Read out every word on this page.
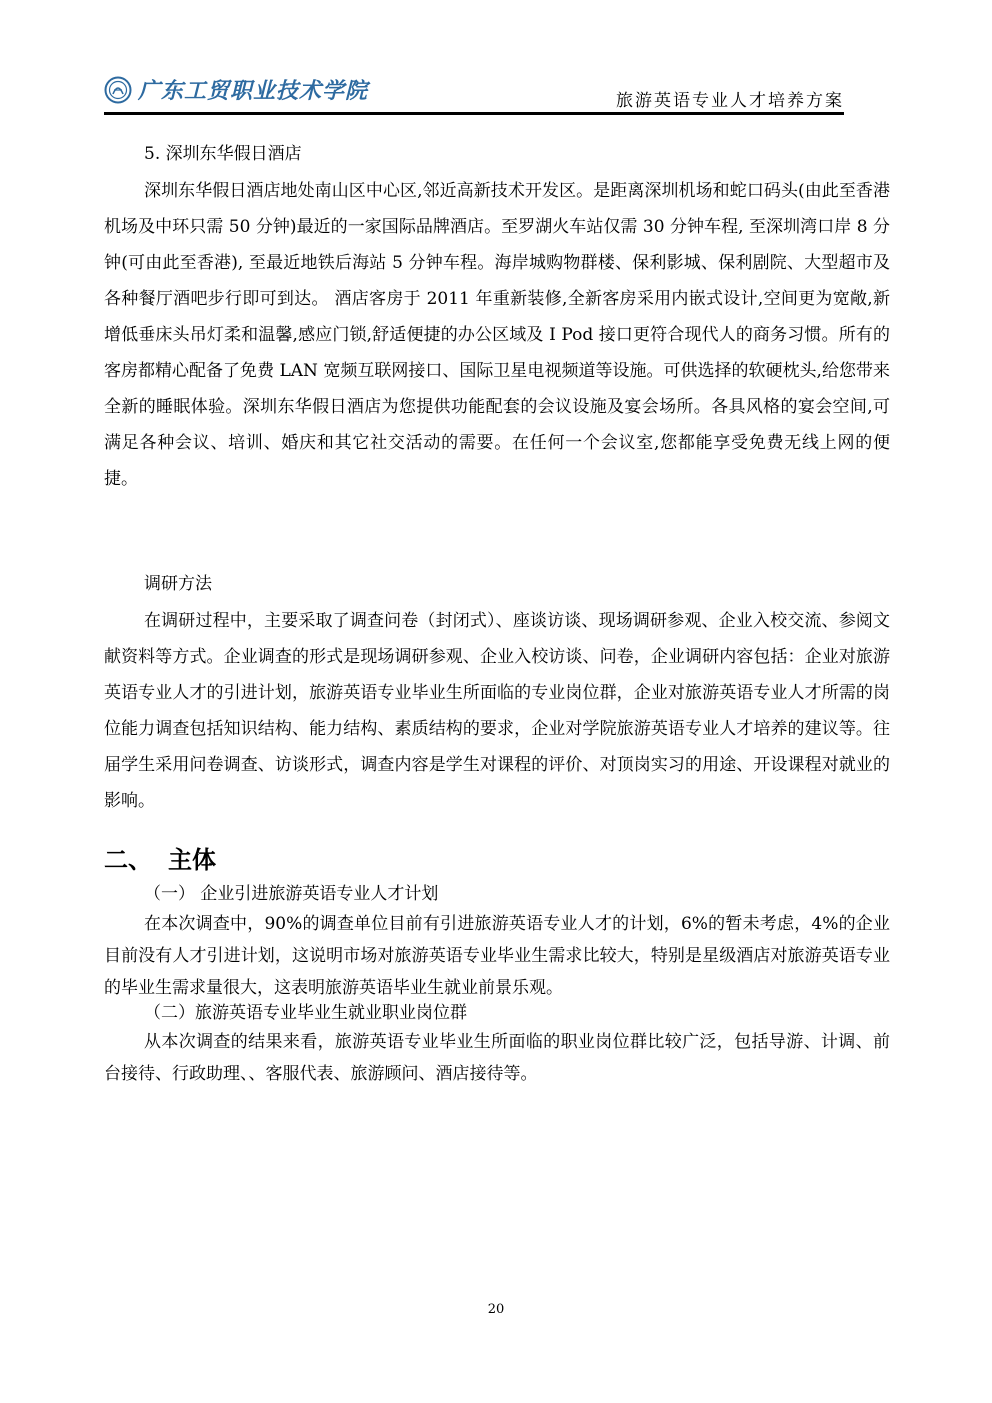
广东工贸职业技术学院	旅游英语专业人才培养方案
5. 深圳东华假日酒店
深圳东华假日酒店地处南山区中心区,邻近高新技术开发区。是距离深圳机场和蛇口码头(由此至香港机场及中环只需 50 分钟)最近的一家国际品牌酒店。至罗湖火车站仅需 30 分钟车程, 至深圳湾口岸 8 分钟(可由此至香港), 至最近地铁后海站 5 分钟车程。海岸城购物群楼、保利影城、保利剧院、大型超市及各种餐厅酒吧步行即可到达。 酒店客房于 2011 年重新装修,全新客房采用内嵌式设计,空间更为宽敞,新增低垂床头吊灯柔和温馨,感应门锁,舒适便捷的办公区域及 I Pod 接口更符合现代人的商务习惯。所有的客房都精心配备了免费 LAN 宽频互联网接口、国际卫星电视频道等设施。可供选择的软硬枕头,给您带来全新的睡眠体验。深圳东华假日酒店为您提供功能配套的会议设施及宴会场所。各具风格的宴会空间,可满足各种会议、培训、婚庆和其它社交活动的需要。在任何一个会议室,您都能享受免费无线上网的便捷。
调研方法
在调研过程中，主要采取了调查问卷（封闭式）、座谈访谈、现场调研参观、企业入校交流、参阅文献资料等方式。企业调查的形式是现场调研参观、企业入校访谈、问卷，企业调研内容包括：企业对旅游英语专业人才的引进计划，旅游英语专业毕业生所面临的专业岗位群，企业对旅游英语专业人才所需的岗位能力调查包括知识结构、能力结构、素质结构的要求，企业对学院旅游英语专业人才培养的建议等。往届学生采用问卷调查、访谈形式，调查内容是学生对课程的评价、对顶岗实习的用途、开设课程对就业的影响。
二、 主体
（一） 企业引进旅游英语专业人才计划
在本次调查中，90%的调查单位目前有引进旅游英语专业人才的计划，6%的暂未考虑，4%的企业目前没有人才引进计划，这说明市场对旅游英语专业毕业生需求比较大，特别是星级酒店对旅游英语专业的毕业生需求量很大，这表明旅游英语毕业生就业前景乐观。
（二）旅游英语专业毕业生就业职业岗位群
从本次调查的结果来看，旅游英语专业毕业生所面临的职业岗位群比较广泛，包括导游、计调、前台接待、行政助理、、客服代表、旅游顾问、酒店接待等。
20
